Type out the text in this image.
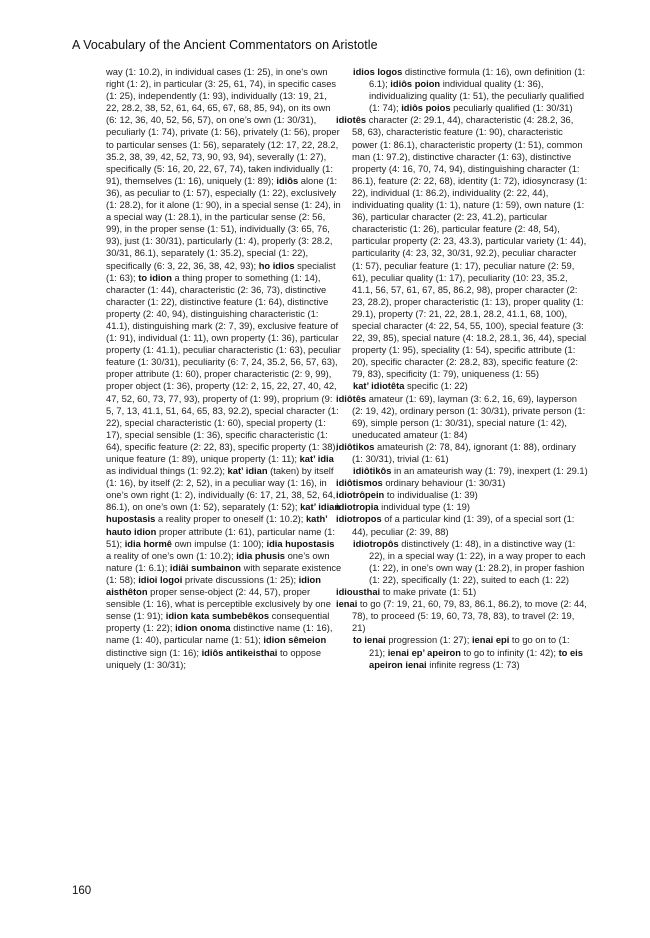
A Vocabulary of the Ancient Commentators on Aristotle

way (1: 10.2), in individual cases (1: 25), in one’s own right (1: 2), in particular (3: 25, 61, 74), in specific cases (1: 25), independently (1: 93), individually (13: 19, 21, 22, 28.2, 38, 52, 61, 64, 65, 67, 68, 85, 94), on its own (6: 12, 36, 40, 52, 56, 57), on one’s own (1: 30/31), peculiarly (1: 74), private (1: 56), privately (1: 56), proper to particular senses (1: 56), separately (12: 17, 22, 28.2, 35.2, 38, 39, 42, 52, 73, 90, 93, 94), severally (1: 27), specifically (5: 16, 20, 22, 67, 74), taken individually (1: 91), themselves (1: 16), uniquely (1: 89); idiôs alone (1: 36), as peculiar to (1: 57), especially (1: 22), exclusively (1: 28.2), for it alone (1: 90), in a special sense (1: 24), in a special way (1: 28.1), in the particular sense (2: 56, 99), in the proper sense (1: 51), individually (3: 65, 76, 93), just (1: 30/31), particularly (1: 4), properly (3: 28.2, 30/31, 86.1), separately (1: 35.2), special (1: 22), specifically (6: 3, 22, 36, 38, 42, 93); ho idios specialist (1: 63); to idion a thing proper to something (1: 14), character (1: 44), characteristic (2: 36, 73), distinctive character (1: 22), distinctive feature (1: 64), distinctive property (2: 40, 94), distinguishing characteristic (1: 41.1), distinguishing mark (2: 7, 39), exclusive feature of (1: 91), individual (1: 11), own property (1: 36), particular property (1: 41.1), peculiar characteristic (1: 63), peculiar feature (1: 30/31), peculiarity (6: 7, 24, 35.2, 56, 57, 63), proper attribute (1: 60), proper characteristic (2: 9, 99), proper object (1: 36), property (12: 2, 15, 22, 27, 40, 42, 47, 52, 60, 73, 77, 93), property of (1: 99), proprium (9: 5, 7, 13, 41.1, 51, 64, 65, 83, 92.2), special character (1: 22), special characteristic (1: 60), special property (1: 17), special sensible (1: 36), specific characteristic (1: 64), specific feature (2: 22, 83), specific property (1: 38), unique feature (1: 89), unique property (1: 11); kat’ idia as individual things (1: 92.2); kat’ idian (taken) by itself (1: 16), by itself (2: 2, 52), in a peculiar way (1: 16), in one’s own right (1: 2), individually (6: 17, 21, 38, 52, 64, 86.1), on one’s own (1: 52), separately (1: 52); kat’ idian hupostasis a reality proper to oneself (1: 10.2); kath’ hauto idion proper attribute (1: 61), particular name (1: 51); idia hormê own impulse (1: 100); idia hupostasis a reality of one’s own (1: 10.2); idia phusis one’s own nature (1: 6.1); idiâi sumbainon with separate existence (1: 58); idioi logoi private discussions (1: 25); idion aisthêton proper sense-object (2: 44, 57), proper sensible (1: 16), what is perceptible exclusively by one sense (1: 91); idion kata sumbebêkos consequential property (1: 22); idion onoma distinctive name (1: 16), name (1: 40), particular name (1: 51); idion sêmeion distinctive sign (1: 16); idiôs antikeisthai to oppose uniquely (1: 30/31);

idios logos distinctive formula (1: 16), own definition (1: 6.1); idiôs poion individual quality (1: 36), individualizing quality (1: 51), the peculiarly qualified (1: 74); idiôs poios peculiarly qualified (1: 30/31)

idiotês character (2: 29.1, 44), characteristic (4: 28.2, 36, 58, 63), characteristic feature (1: 90), characteristic power (1: 86.1), characteristic property (1: 51), common man (1: 97.2), distinctive character (1: 63), distinctive property (4: 16, 70, 74, 94), distinguishing character (1: 86.1), feature (2: 22, 68), identity (1: 72), idiosyncrasy (1: 22), individual (1: 86.2), individuality (2: 22, 44), individuating quality (1: 1), nature (1: 59), own nature (1: 36), particular character (2: 23, 41.2), particular characteristic (1: 26), particular feature (2: 48, 54), particular property (2: 23, 43.3), particular variety (1: 44), particularity (4: 23, 32, 30/31, 92.2), peculiar character (1: 57), peculiar feature (1: 17), peculiar nature (2: 59, 61), peculiar quality (1: 17), peculiarity (10: 23, 35.2, 41.1, 56, 57, 61, 67, 85, 86.2, 98), proper character (2: 23, 28.2), proper characteristic (1: 13), proper quality (1: 29.1), property (7: 21, 22, 28.1, 28.2, 41.1, 68, 100), special character (4: 22, 54, 55, 100), special feature (3: 22, 39, 85), special nature (4: 18.2, 28.1, 36, 44), special property (1: 95), speciality (1: 54), specific attribute (1: 20), specific character (2: 28.2, 83), specific feature (2: 79, 83), specificity (1: 79), uniqueness (1: 55)

kat’ idiotêta specific (1: 22)

idiôtês amateur (1: 69), layman (3: 6.2, 16, 69), layperson (2: 19, 42), ordinary person (1: 30/31), private person (1: 69), simple person (1: 30/31), special nature (1: 42), uneducated amateur (1: 84)

idiôtikos amateurish (2: 78, 84), ignorant (1: 88), ordinary (1: 30/31), trivial (1: 61)

idiôtikôs in an amateurish way (1: 79), inexpert (1: 29.1)

idiôtismos ordinary behaviour (1: 30/31)

idiotrôpein to individualise (1: 39)

idiotropia individual type (1: 19)

idiotropos of a particular kind (1: 39), of a special sort (1: 44), peculiar (2: 39, 88)

idiotropôs distinctively (1: 48), in a distinctive way (1: 22), in a special way (1: 22), in a way proper to each (1: 22), in one’s own way (1: 28.2), in proper fashion (1: 22), specifically (1: 22), suited to each (1: 22)

idiousthai to make private (1: 51)

ienai to go (7: 19, 21, 60, 79, 83, 86.1, 86.2), to move (2: 44, 78), to proceed (5: 19, 60, 73, 78, 83), to travel (2: 19, 21)

to ienai progression (1: 27); ienai epi to go on to (1: 21); ienai ep’ apeiron to go to infinity (1: 42); to eis apeiron ienai infinite regress (1: 73)

160
